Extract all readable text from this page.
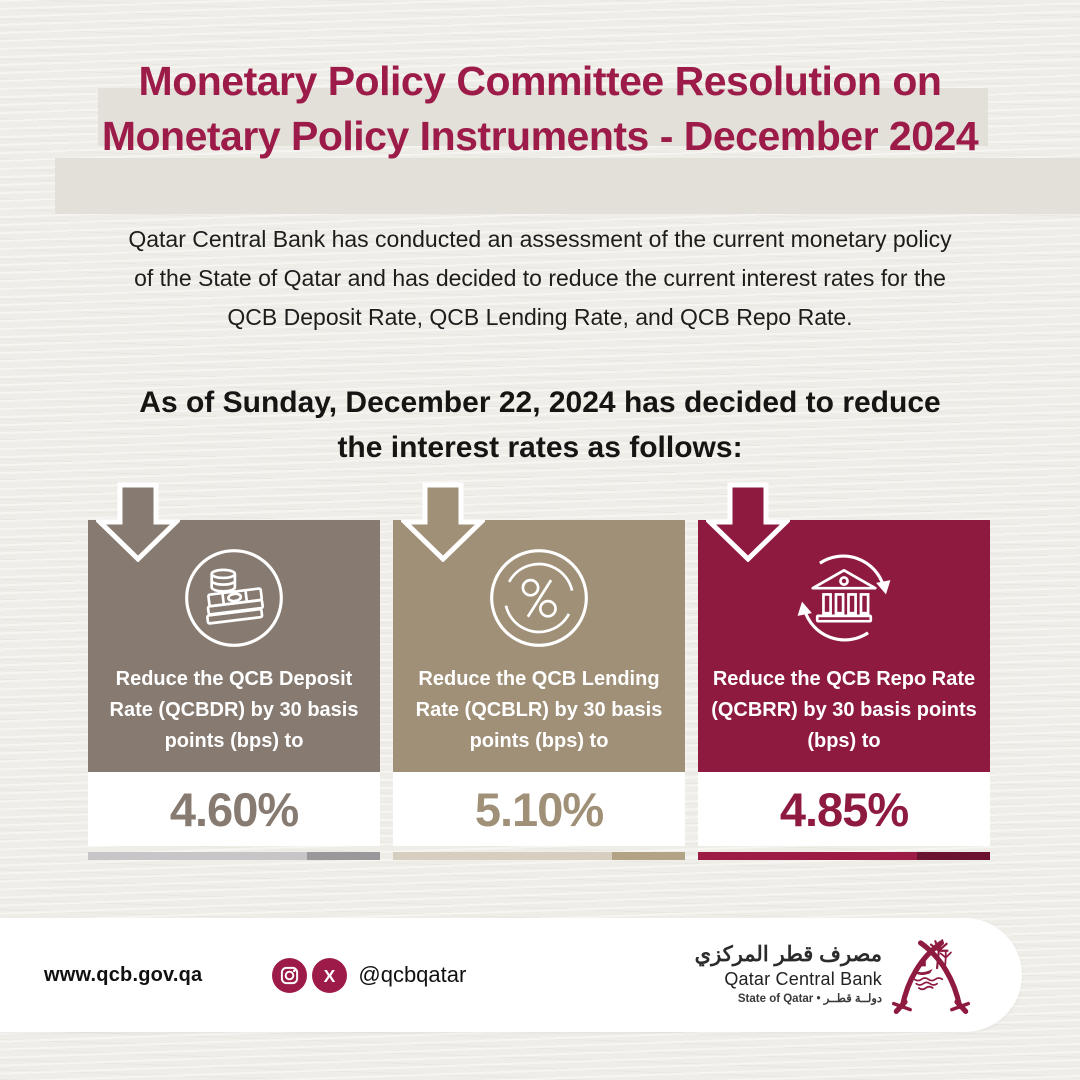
Monetary Policy Committee Resolution on
Monetary Policy Instruments - December 2024

Qatar Central Bank has conducted an assessment of the current monetary policy
of the State of Qatar and has decided to reduce the current interest rates for the
QCB Deposit Rate, QCB Lending Rate, and QCB Repo Rate.

As of Sunday, December 22, 2024 has decided to reduce
the interest rates as follows:
Reduce the QCB Deposit
Rate (QCBDR) by 30 basis
points (bps) to
4.60%
Reduce the QCB Lending
Rate (QCBLR) by 30 basis
points (bps) to
5.10%
Reduce the QCB Repo Rate
(QCBRR) by 30 basis points
(bps) to
4.85%
www.qcb.gov.qa	X @qcbqatar
مصرف قطر المركزي
Qatar Central Bank
State of Qatar • دولــة قطــر
